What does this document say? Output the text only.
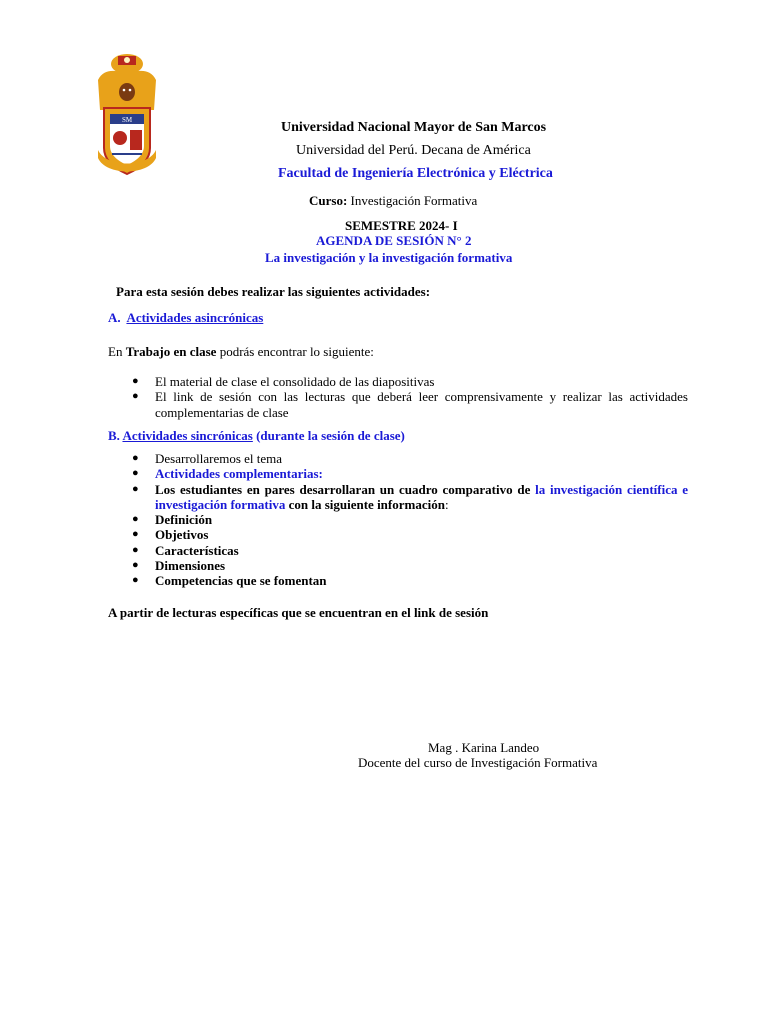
SM	Universidad Nacional Mayor de San Marcos
Universidad del Perú. Decana de América
Facultad de Ingeniería Electrónica y Eléctrica
Curso: Investigación Formativa
SEMESTRE 2024- I
AGENDA DE SESIÓN N° 2
La investigación y la investigación formativa
Para esta sesión debes realizar las siguientes actividades:
A. Actividades asincrónicas
En Trabajo en clase podrás encontrar lo siguiente:
● El material de clase el consolidado de las diapositivas
● El link de sesión con las lecturas que deberá leer comprensivamente y realizar las actividades complementarias de clase
B. Actividades sincrónicas (durante la sesión de clase)
● Desarrollaremos el tema
● Actividades complementarias:
● Los estudiantes en pares desarrollaran un cuadro comparativo de la investigación científica e investigación formativa con la siguiente información:
● Definición
● Objetivos
● Características
● Dimensiones
● Competencias que se fomentan
A partir de lecturas específicas que se encuentran en el link de sesión
Mag . Karina Landeo
Docente del curso de Investigación Formativa
